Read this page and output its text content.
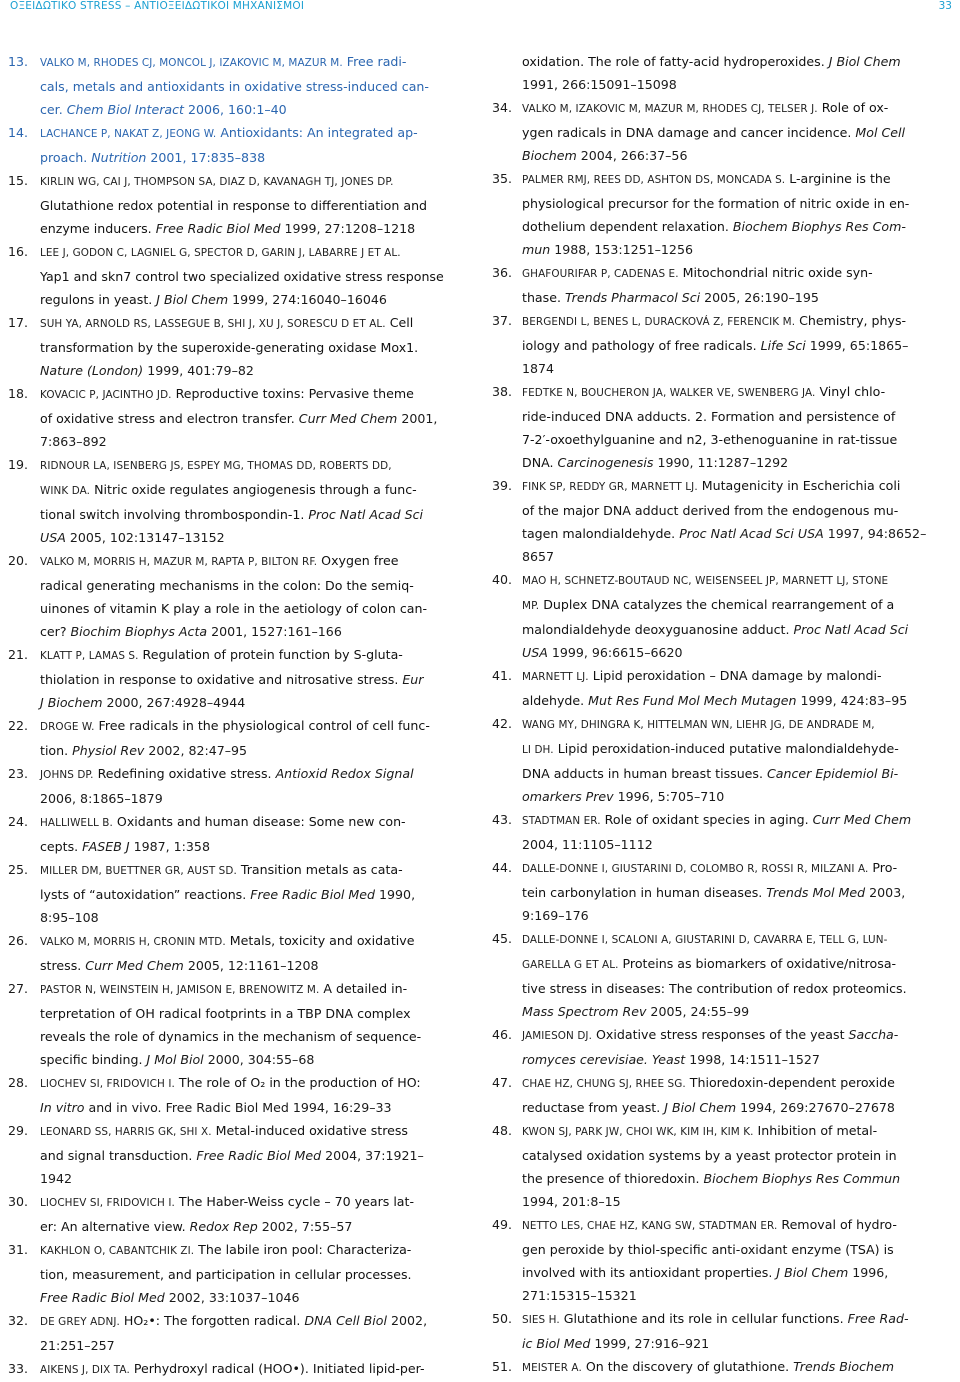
ΟΞΕΙΔΩΤΙΚΟ STRESS – ΑΝΤΙΟΞΕΙΔΩΤΙΚΟΙ ΜΗΧΑΝΙΣΜΟΙ	33
13. VALKO M, RHODES CJ, MONCOL J, IZAKOVIC M, MAZUR M. Free radi-
cals, metals and antioxidants in oxidative stress-induced can-
cer. Chem Biol Interact 2006, 160:1–40
14. LACHANCE P, NAKAT Z, JEONG W. Antioxidants: An integrated ap-
proach. Nutrition 2001, 17:835–838
15. KIRLIN WG, CAI J, THOMPSON SA, DIAZ D, KAVANAGH TJ, JONES DP.
Glutathione redox potential in response to differentiation and
enzyme inducers. Free Radic Biol Med 1999, 27:1208–1218
16. LEE J, GODON C, LAGNIEL G, SPECTOR D, GARIN J, LABARRE J ET AL.
Yap1 and skn7 control two specialized oxidative stress response
regulons in yeast. J Biol Chem 1999, 274:16040–16046
17. SUH YA, ARNOLD RS, LASSEGUE B, SHI J, XU J, SORESCU D ET AL. Cell
transformation by the superoxide-generating oxidase Mox1.
Nature (London) 1999, 401:79–82
18. KOVACIC P, JACINTHO JD. Reproductive toxins: Pervasive theme
of oxidative stress and electron transfer. Curr Med Chem 2001,
7:863–892
19. RIDNOUR LA, ISENBERG JS, ESPEY MG, THOMAS DD, ROBERTS DD,
WINK DA. Nitric oxide regulates angiogenesis through a func-
tional switch involving thrombospondin-1. Proc Natl Acad Sci
USA 2005, 102:13147–13152
20. VALKO M, MORRIS H, MAZUR M, RAPTA P, BILTON RF. Oxygen free
radical generating mechanisms in the colon: Do the semiq-
uinones of vitamin K play a role in the aetiology of colon can-
cer? Biochim Biophys Acta 2001, 1527:161–166
21. KLATT P, LAMAS S. Regulation of protein function by S-gluta-
thiolation in response to oxidative and nitrosative stress. Eur
J Biochem 2000, 267:4928–4944
22. DROGE W. Free radicals in the physiological control of cell func-
tion. Physiol Rev 2002, 82:47–95
23. JOHNS DP. Redefining oxidative stress. Antioxid Redox Signal
2006, 8:1865–1879
24. HALLIWELL B. Oxidants and human disease: Some new con-
cepts. FASEB J 1987, 1:358
25. MILLER DM, BUETTNER GR, AUST SD. Transition metals as cata-
lysts of “autoxidation” reactions. Free Radic Biol Med 1990,
8:95–108
26. VALKO M, MORRIS H, CRONIN MTD. Metals, toxicity and oxidative
stress. Curr Med Chem 2005, 12:1161–1208
27. PASTOR N, WEINSTEIN H, JAMISON E, BRENOWITZ M. A detailed in-
terpretation of OH radical footprints in a TBP DNA complex
reveals the role of dynamics in the mechanism of sequence-
specific binding. J Mol Biol 2000, 304:55–68
28. LIOCHEV SI, FRIDOVICH I. The role of O₂ in the production of HO:
In vitro and in vivo. Free Radic Biol Med 1994, 16:29–33
29. LEONARD SS, HARRIS GK, SHI X. Metal-induced oxidative stress
and signal transduction. Free Radic Biol Med 2004, 37:1921–
1942
30. LIOCHEV SI, FRIDOVICH I. The Haber-Weiss cycle – 70 years lat-
er: An alternative view. Redox Rep 2002, 7:55–57
31. KAKHLON O, CABANTCHIK ZI. The labile iron pool: Characteriza-
tion, measurement, and participation in cellular processes.
Free Radic Biol Med 2002, 33:1037–1046
32. DE GREY ADNJ. HO₂•: The forgotten radical. DNA Cell Biol 2002,
21:251–257
33. AIKENS J, DIX TA. Perhydroxyl radical (HOO•). Initiated lipid-per-
oxidation. The role of fatty-acid hydroperoxides. J Biol Chem
1991, 266:15091–15098
34. VALKO M, IZAKOVIC M, MAZUR M, RHODES CJ, TELSER J. Role of ox-
ygen radicals in DNA damage and cancer incidence. Mol Cell
Biochem 2004, 266:37–56
35. PALMER RMJ, REES DD, ASHTON DS, MONCADA S. L-arginine is the
physiological precursor for the formation of nitric oxide in en-
dothelium dependent relaxation. Biochem Biophys Res Com-
mun 1988, 153:1251–1256
36. GHAFOURIFAR P, CADENAS E. Mitochondrial nitric oxide syn-
thase. Trends Pharmacol Sci 2005, 26:190–195
37. BERGENDI L, BENES L, DURACKOVÁ Z, FERENCIK M. Chemistry, phys-
iology and pathology of free radicals. Life Sci 1999, 65:1865–
1874
38. FEDTKE N, BOUCHERON JA, WALKER VE, SWENBERG JA. Vinyl chlo-
ride-induced DNA adducts. 2. Formation and persistence of
7-2′-oxoethylguanine and n2, 3-ethenoguanine in rat-tissue
DNA. Carcinogenesis 1990, 11:1287–1292
39. FINK SP, REDDY GR, MARNETT LJ. Mutagenicity in Escherichia coli
of the major DNA adduct derived from the endogenous mu-
tagen malondialdehyde. Proc Natl Acad Sci USA 1997, 94:8652–
8657
40. MAO H, SCHNETZ-BOUTAUD NC, WEISENSEEL JP, MARNETT LJ, STONE
MP. Duplex DNA catalyzes the chemical rearrangement of a
malondialdehyde deoxyguanosine adduct. Proc Natl Acad Sci
USA 1999, 96:6615–6620
41. MARNETT LJ. Lipid peroxidation – DNA damage by malondi-
aldehyde. Mut Res Fund Mol Mech Mutagen 1999, 424:83–95
42. WANG MY, DHINGRA K, HITTELMAN WN, LIEHR JG, DE ANDRADE M,
LI DH. Lipid peroxidation-induced putative malondialdehyde-
DNA adducts in human breast tissues. Cancer Epidemiol Bi-
omarkers Prev 1996, 5:705–710
43. STADTMAN ER. Role of oxidant species in aging. Curr Med Chem
2004, 11:1105–1112
44. DALLE-DONNE I, GIUSTARINI D, COLOMBO R, ROSSI R, MILZANI A. Pro-
tein carbonylation in human diseases. Trends Mol Med 2003,
9:169–176
45. DALLE-DONNE I, SCALONI A, GIUSTARINI D, CAVARRA E, TELL G, LUN-
GARELLA G ET AL. Proteins as biomarkers of oxidative/nitrosa-
tive stress in diseases: The contribution of redox proteomics.
Mass Spectrom Rev 2005, 24:55–99
46. JAMIESON DJ. Oxidative stress responses of the yeast Saccha-
romyces cerevisiae. Yeast 1998, 14:1511–1527
47. CHAE HZ, CHUNG SJ, RHEE SG. Thioredoxin-dependent peroxide
reductase from yeast. J Biol Chem 1994, 269:27670–27678
48. KWON SJ, PARK JW, CHOI WK, KIM IH, KIM K. Inhibition of metal-
catalysed oxidation systems by a yeast protector protein in
the presence of thioredoxin. Biochem Biophys Res Commun
1994, 201:8–15
49. NETTO LES, CHAE HZ, KANG SW, STADTMAN ER. Removal of hydro-
gen peroxide by thiol-specific anti-oxidant enzyme (TSA) is
involved with its antioxidant properties. J Biol Chem 1996,
271:15315–15321
50. SIES H. Glutathione and its role in cellular functions. Free Rad-
ic Biol Med 1999, 27:916–921
51. MEISTER A. On the discovery of glutathione. Trends Biochem
